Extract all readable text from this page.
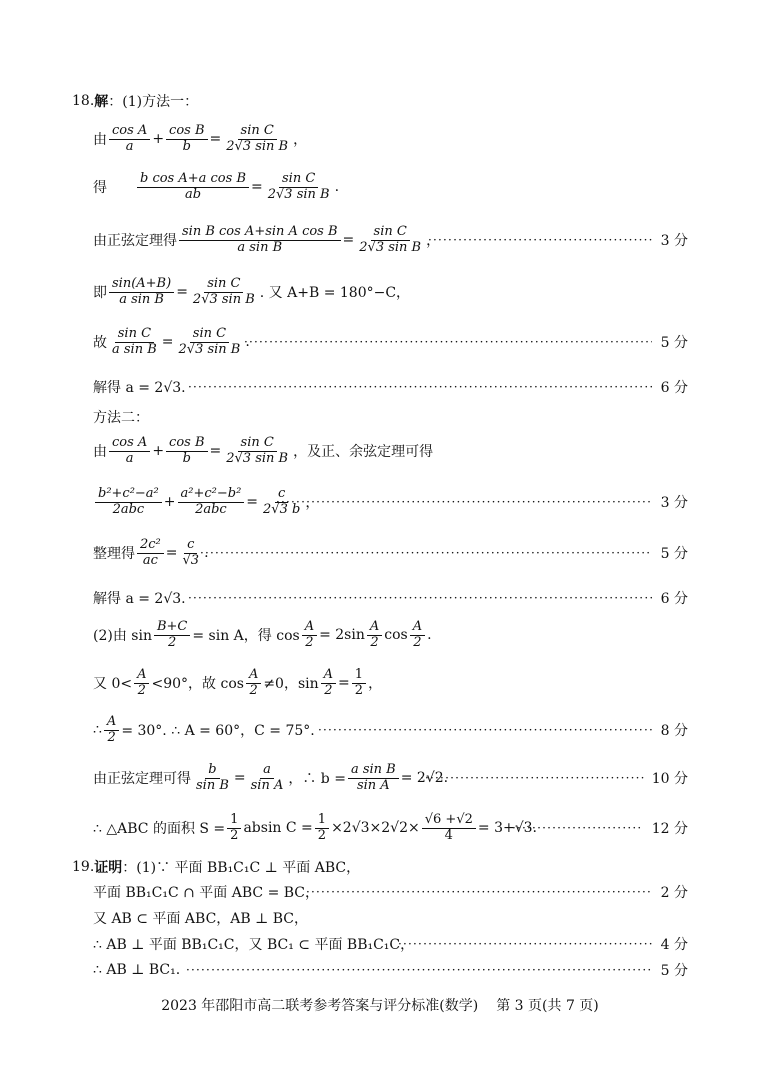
18. 解 ：(1)方法一：
由 $\frac{\text{cos A}}{a} + \frac{\text{cos B}}{b} = \frac{\text{sin C}}{\text{2√3 sin B}}$ ，
得 $\frac{\text{b cos A+a cos B}}{ab} = \frac{\text{sin C}}{\text{2√3 sin B}}$ .
由正弦定理得 $\frac{\text{sin B cos A+sin A cos B}}{\text{a sin B}} = \frac{\text{sin C}}{\text{2√3 sin B}}$ ， ·····	3 分
即 $\frac{\sin(A+B)}{\text{a sin B}} = \frac{\text{sin C}}{\text{2√3 sin B}}$ . 又 A+B = 180°−C，
故 $\frac{\text{sin C}}{\text{a sin B}} = \frac{\text{sin C}}{\text{2√3 sin B}}$ . ·····	5 分
解得 a = 2√3. ·····	6 分
方法二：
由 $\frac{\text{cos A}}{a} + \frac{\text{cos B}}{b} = \frac{\text{sin C}}{\text{2√3 sin B}}$ ，及正、余弦定理可得
$\frac{\text{b²+c²−a²}}{\text{2abc}} + \frac{\text{a²+c²−b²}}{\text{2abc}} = \frac{c}{2√3 b}$ ， ·····	3 分
整理得 $\frac{\text{2c²}}{ac} = \frac{c}{√3}$ . ·····	5 分
解得 a = 2√3. ·····	6 分
(2)由 $\sin \frac{B+C}{2} = \sin A$，得 $\cos \frac{A}{2} = 2\sin \frac{A}{2}$ $\cos \frac{A}{2}$ .
又 $0< \frac{A}{2} <90^\circ$，故 $\cos \frac{A}{2} \ne 0$，$\sin \frac{A}{2} = \frac{1}{2}$ ，
∴ $\frac{A}{2} = 30^\circ$. ∴ A = 60°，C = 75°. ·····	8 分
由正弦定理可得 $\frac{b}{\text{sin B}} = \frac{a}{\text{sin A}}$ ，∴ $b = \frac{\text{a sin B}}{\text{sin A}} = 2√2$. ·····	10 分
∴ △ABC 的面积 $S = \frac{1}{2}$ absin $C = \frac{1}{2} \times 2√3\times 2√2\times \frac{√6 +√2}{4} = 3+√3$. ·····	12 分
19. 证明 ：(1)∵ 平面 BB₁C₁C ⊥ 平面 ABC，
平面 BB₁C₁C ∩ 平面 ABC = BC， ·····	2 分
又 AB ⊂ 平面 ABC，AB ⊥ BC，
∴ AB ⊥ 平面 BB₁C₁C，又 BC₁ ⊂ 平面 BB₁C₁C， ·····	4 分
∴ AB ⊥ BC₁. ·····	5 分
2023 年邵阳市高二联考参考答案与评分标准(数学) 第 3 页(共 7 页)
